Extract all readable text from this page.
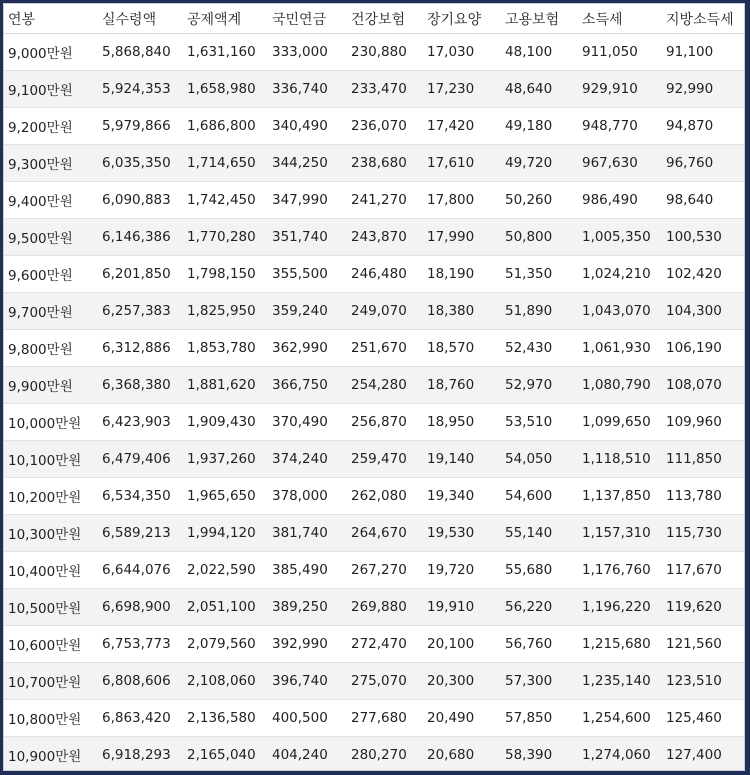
연봉	실수령액	공제액계	국민연금	건강보험	장기요양	고용보험	소득세	지방소득세
9,000만원	5,868,840	1,631,160	333,000	230,880	17,030	48,100	911,050	91,100
9,100만원	5,924,353	1,658,980	336,740	233,470	17,230	48,640	929,910	92,990
9,200만원	5,979,866	1,686,800	340,490	236,070	17,420	49,180	948,770	94,870
9,300만원	6,035,350	1,714,650	344,250	238,680	17,610	49,720	967,630	96,760
9,400만원	6,090,883	1,742,450	347,990	241,270	17,800	50,260	986,490	98,640
9,500만원	6,146,386	1,770,280	351,740	243,870	17,990	50,800	1,005,350	100,530
9,600만원	6,201,850	1,798,150	355,500	246,480	18,190	51,350	1,024,210	102,420
9,700만원	6,257,383	1,825,950	359,240	249,070	18,380	51,890	1,043,070	104,300
9,800만원	6,312,886	1,853,780	362,990	251,670	18,570	52,430	1,061,930	106,190
9,900만원	6,368,380	1,881,620	366,750	254,280	18,760	52,970	1,080,790	108,070
10,000만원	6,423,903	1,909,430	370,490	256,870	18,950	53,510	1,099,650	109,960
10,100만원	6,479,406	1,937,260	374,240	259,470	19,140	54,050	1,118,510	111,850
10,200만원	6,534,350	1,965,650	378,000	262,080	19,340	54,600	1,137,850	113,780
10,300만원	6,589,213	1,994,120	381,740	264,670	19,530	55,140	1,157,310	115,730
10,400만원	6,644,076	2,022,590	385,490	267,270	19,720	55,680	1,176,760	117,670
10,500만원	6,698,900	2,051,100	389,250	269,880	19,910	56,220	1,196,220	119,620
10,600만원	6,753,773	2,079,560	392,990	272,470	20,100	56,760	1,215,680	121,560
10,700만원	6,808,606	2,108,060	396,740	275,070	20,300	57,300	1,235,140	123,510
10,800만원	6,863,420	2,136,580	400,500	277,680	20,490	57,850	1,254,600	125,460
10,900만원	6,918,293	2,165,040	404,240	280,270	20,680	58,390	1,274,060	127,400
